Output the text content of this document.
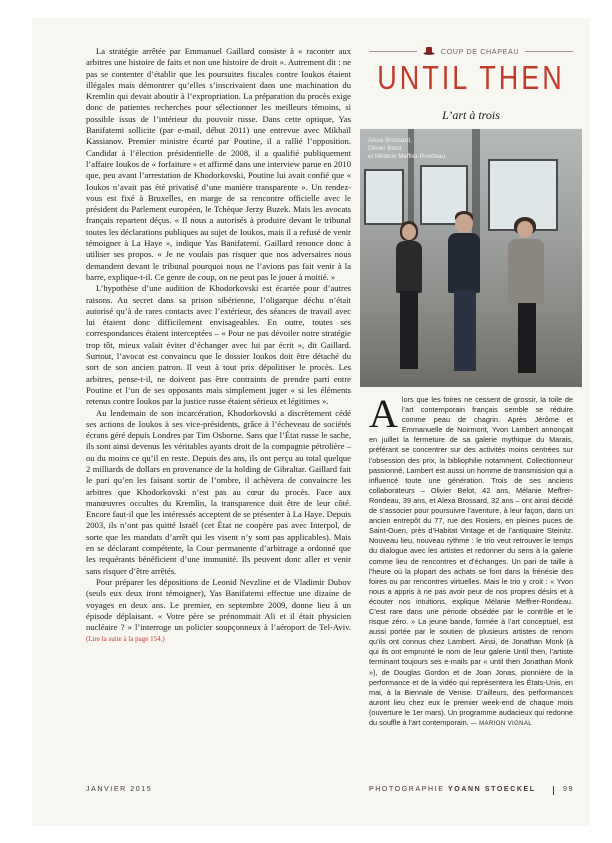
La stratégie arrêtée par Emmanuel Gaillard consiste à « raconter aux arbitres une histoire de faits et non une histoire de droit ». Autrement dit : ne pas se contenter d’établir que les poursuites fiscales contre Ioukos étaient illégales mais démontrer qu’elles s’inscrivaient dans une machination du Kremlin qui devait aboutir à l’expropriation. La préparation du procès exige donc de patientes recherches pour sélectionner les meilleurs témoins, si possible issus de l’intérieur du pouvoir russe. Dans cette optique, Yas Banifatemi sollicite (par e-mail, début 2011) une entrevue avec Mikhaïl Kassianov. Premier ministre écarté par Poutine, il a rallié l’opposition. Candidat à l’élection présidentielle de 2008, il a qualifié publiquement l’affaire Ioukos de « forfaiture » et affirmé dans une interview parue en 2010 que, peu avant l’arrestation de Khodorkovski, Poutine lui avait confié que « Ioukos n’avait pas été privatisé d’une manière transparente ». Un rendez-vous est fixé à Bruxelles, en marge de sa rencontre officielle avec le président du Parlement européen, le Tchèque Jerzy Buzek. Mais les avocats français repartent déçus. « Il nous a autorisés à produire devant le tribunal toutes les déclarations publiques au sujet de Ioukos, mais il a refusé de venir témoigner à La Haye », indique Yas Banifatemi. Gaillard renonce donc à utiliser ses propos. « Je ne voulais pas risquer que nos adversaires nous demandent devant le tribunal pourquoi nous ne l’avions pas fait venir à la barre, explique-t-il. Ce genre de coup, on ne peut pas le jouer à moitié. »

L’hypothèse d’une audition de Khodorkovski est écartée pour d’autres raisons. Au secret dans sa prison sibérienne, l’oligarque déchu n’était autorisé qu’à de rares contacts avec l’extérieur, des séances de travail avec lui étaient donc difficilement envisageables. En outre, toutes ses correspondances étaient interceptées – « Pour ne pas dévoiler notre stratégie trop tôt, mieux valait éviter d’échanger avec lui par écrit », dit Gaillard. Surtout, l’avocat est convaincu que le dossier Ioukos doit être détaché du sort de son ancien patron. Il veut à tout prix dépolitiser le procès. Les arbitres, pense-t-il, ne doivent pas être contraints de prendre parti entre Poutine et l’un de ses opposants mais simplement juger « si les éléments retenus contre Ioukos par la justice russe étaient sérieux et légitimes ».

Au lendemain de son incarcération, Khodorkovski a discrètement cédé ses actions de Ioukos à ses vice-présidents, grâce à l’écheveau de sociétés écrans géré depuis Londres par Tim Osborne. Sans que l’État russe le sache, ils sont ainsi devenus les véritables ayants droit de la compagnie pétrolière – ou du moins ce qu’il en reste. Depuis des ans, ils ont perçu au total quelque 2 milliards de dollars en provenance de la holding de Gibraltar. Gaillard fait le pari qu’en les faisant sortir de l’ombre, il achèvera de convaincre les arbitres que Khodorkovski n’est pas au cœur du procès. Face aux manœuvres occultes du Kremlin, la transparence doit être de leur côté. Encore faut-il que les intéressés acceptent de se présenter à La Haye. Depuis 2003, ils n’ont pas quitté Israël (cet État ne coopère pas avec Interpol, de sorte que les mandats d’arrêt qui les visent n’y sont pas applicables). Mais en se déclarant compétente, la Cour permanente d’arbitrage a ordonné que les requérants bénéficient d’une immunité. Ils peuvent donc aller et venir sans risquer d’être arrêtés.

Pour préparer les dépositions de Leonid Nevzline et de Vladimir Dubov (seuls eux deux iront témoigner), Yas Banifatemi effectue une dizaine de voyages en deux ans. Le premier, en septembre 2009, donne lieu à un épisode déplaisant. « Votre père se prénommait Ali et il était physicien nucléaire ? » l’interroge un policier soupçonneux à l’aéroport de Tel-Aviv. (Lire la suite à la page 154.)

COUP DE CHAPEAU
UNTIL THEN
L’art à trois
Alexa Brossard,
Olivier Belot
et Mélanie Meffrer-Rondeau.
Alors que les foires ne cessent de grossir, la toile de l’art contemporain français semble se réduire comme peau de chagrin. Après Jérôme et Emmanuelle de Noirmont, Yvon Lambert annonçait en juillet la fermeture de sa galerie mythique du Marais, préférant se concentrer sur des activités moins centrées sur l’obsession des prix, la bibliophilie notamment. Collectionneur passionné, Lambert est aussi un homme de transmission qui a influencé toute une génération. Trois de ses anciens collaborateurs – Olivier Belot, 42 ans, Mélanie Meffrer-Rondeau, 39 ans, et Alexa Brossard, 32 ans – ont ainsi décidé de s’associer pour poursuivre l’aventure, à leur façon, dans un ancien entrepôt du 77, rue des Rosiers, en pleines puces de Saint-Ouen, près d’Habitat Vintage et de l’antiquaire Steinitz. Nouveau lieu, nouveau rythme : le trio veut retrouver le temps du dialogue avec les artistes et redonner du sens à la galerie comme lieu de rencontres et d’échanges. Un pari de taille à l’heure où la plupart des achats se font dans la frénésie des foires ou par rencontres virtuelles. Mais le trio y croit : « Yvon nous a appris à ne pas avoir peur de nos propres désirs et à écouter nos intuitions, explique Mélanie Meffrer-Rondeau. C’est rare dans une période obsédée par le contrôle et le risque zéro. » La jeune bande, formée à l’art conceptuel, est aussi portée par le soutien de plusieurs artistes de renom qu’ils ont connus chez Lambert. Ainsi, de Jonathan Monk (à qui ils ont emprunté le nom de leur galerie Until then, l’artiste terminant toujours ses e-mails par « until then Jonathan Monk »), de Douglas Gordon et de Joan Jonas, pionnière de la performance et de la vidéo qui représentera les États-Unis, en mai, à la Biennale de Venise. D’ailleurs, des performances auront lieu chez eux le premier week-end de chaque mois (ouverture le 1er mars). Un programme audacieux qui redonne du souffle à l’art contemporain. — MARION VIGNAL
JANVIER 2015	PHOTOGRAPHIE YOANN STOECKEL	99
